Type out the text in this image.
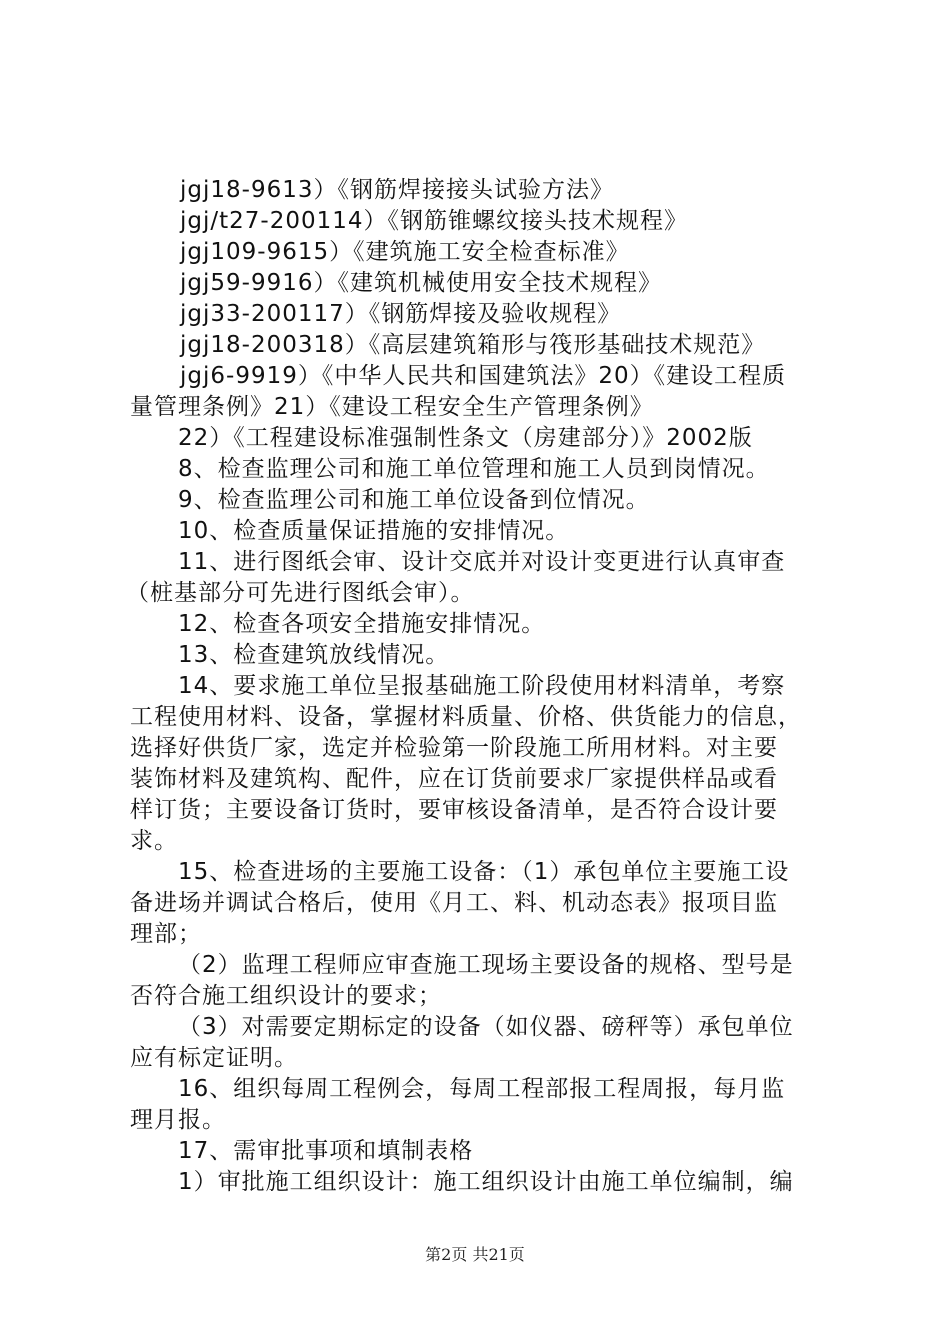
jgj18-9613）《钢筋焊接接头试验方法》
jgj/t27-200114）《钢筋锥螺纹接头技术规程》
jgj109-9615）《建筑施工安全检查标准》
jgj59-9916）《建筑机械使用安全技术规程》
jgj33-200117）《钢筋焊接及验收规程》
jgj18-200318）《高层建筑箱形与筏形基础技术规范》
jgj6-9919）《中华人民共和国建筑法》20）《建设工程质
量管理条例》21）《建设工程安全生产管理条例》
22）《工程建设标准强制性条文（房建部分）》2002版
8、检查监理公司和施工单位管理和施工人员到岗情况。
9、检查监理公司和施工单位设备到位情况。
10、检查质量保证措施的安排情况。
11、进行图纸会审、设计交底并对设计变更进行认真审查
（桩基部分可先进行图纸会审）。
12、检查各项安全措施安排情况。
13、检查建筑放线情况。
14、要求施工单位呈报基础施工阶段使用材料清单，考察
工程使用材料、设备，掌握材料质量、价格、供货能力的信息，
选择好供货厂家，选定并检验第一阶段施工所用材料。对主要
装饰材料及建筑构、配件，应在订货前要求厂家提供样品或看
样订货；主要设备订货时，要审核设备清单，是否符合设计要
求。
15、检查进场的主要施工设备：（1）承包单位主要施工设
备进场并调试合格后，使用《月工、料、机动态表》报项目监
理部；
（2）监理工程师应审查施工现场主要设备的规格、型号是
否符合施工组织设计的要求；
（3）对需要定期标定的设备（如仪器、磅秤等）承包单位
应有标定证明。
16、组织每周工程例会，每周工程部报工程周报，每月监
理月报。
17、需审批事项和填制表格
1）审批施工组织设计：施工组织设计由施工单位编制，编
第2页 共21页
